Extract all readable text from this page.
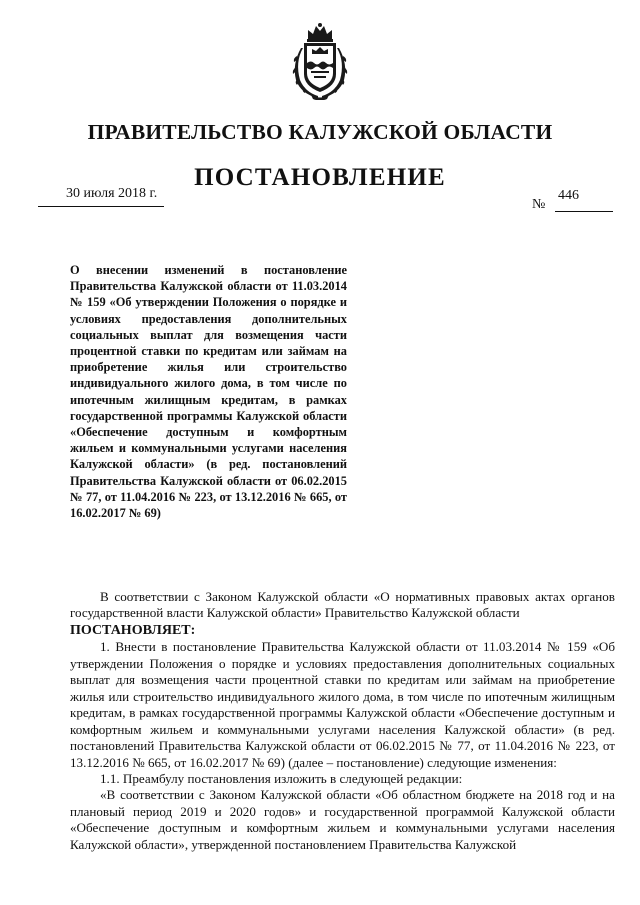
ПРАВИТЕЛЬСТВО КАЛУЖСКОЙ ОБЛАСТИ
ПОСТАНОВЛЕНИЕ
30 июля 2018 г.
№
446
О внесении изменений в постановление Правительства Калужской области от 11.03.2014 № 159 «Об утверждении Положения о порядке и условиях предоставления дополнительных социальных выплат для возмещения части процентной ставки по кредитам или займам на приобретение жилья или строительство индивидуального жилого дома, в том числе по ипотечным жилищным кредитам, в рамках государственной программы Калужской области «Обеспечение доступным и комфортным жильем и коммунальными услугами населения Калужской области» (в ред. постановлений Правительства Калужской области от 06.02.2015 № 77, от 11.04.2016 № 223, от 13.12.2016 № 665, от 16.02.2017 № 69)

В соответствии с Законом Калужской области «О нормативных правовых актах органов государственной власти Калужской области» Правительство Калужской области

ПОСТАНОВЛЯЕТ:

1. Внести в постановление Правительства Калужской области от 11.03.2014 № 159 «Об утверждении Положения о порядке и условиях предоставления дополнительных социальных выплат для возмещения части процентной ставки по кредитам или займам на приобретение жилья или строительство индивидуального жилого дома, в том числе по ипотечным жилищным кредитам, в рамках государственной программы Калужской области «Обеспечение доступным и комфортным жильем и коммунальными услугами населения Калужской области» (в ред. постановлений Правительства Калужской области от 06.02.2015 № 77, от 11.04.2016 № 223, от 13.12.2016 № 665, от 16.02.2017 № 69) (далее – постановление) следующие изменения:

1.1. Преамбулу постановления изложить в следующей редакции:

«В соответствии с Законом Калужской области «Об областном бюджете на 2018 год и на плановый период 2019 и 2020 годов» и государственной программой Калужской области «Обеспечение доступным и комфортным жильем и коммунальными услугами населения Калужской области», утвержденной постановлением Правительства Калужской
